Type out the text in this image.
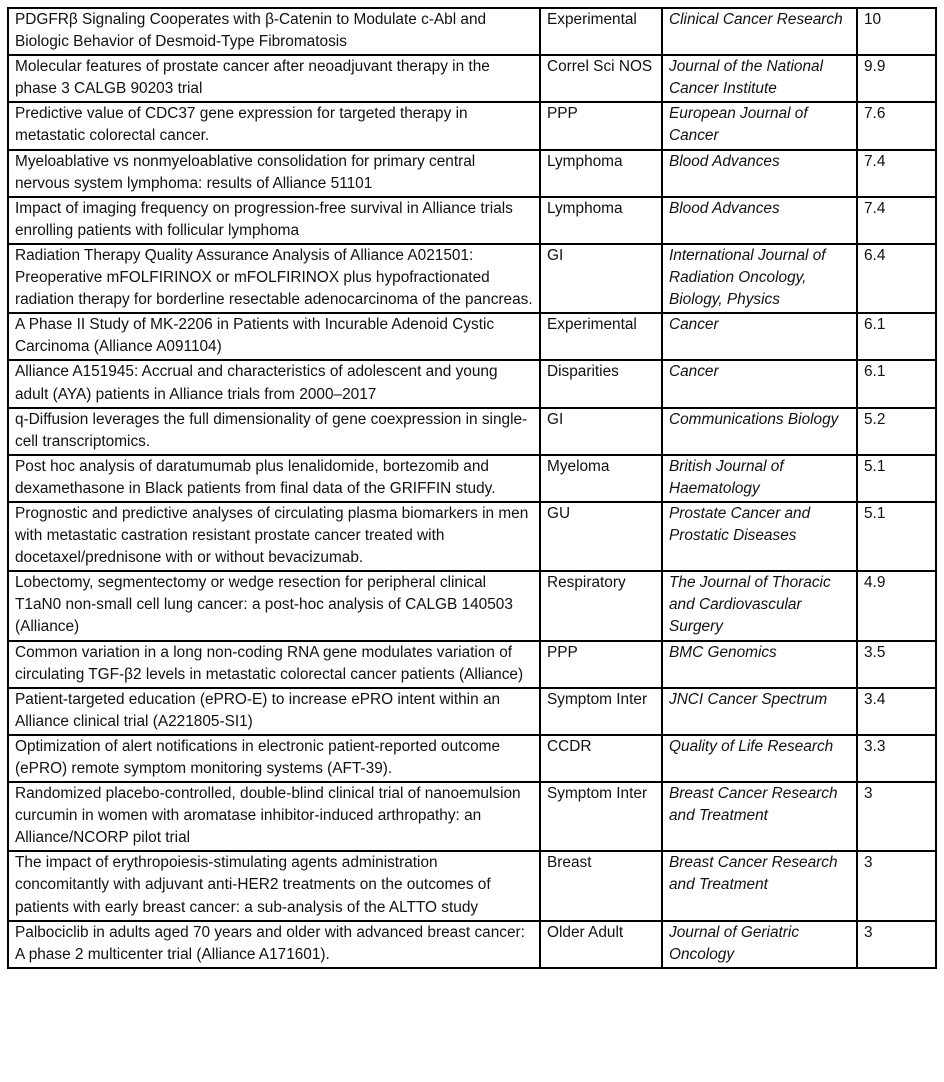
PDGFRβ Signaling Cooperates with β-Catenin to Modulate c-Abl and Biologic Behavior of Desmoid-Type Fibromatosis	Experimental	Clinical Cancer Research	10
Molecular features of prostate cancer after neoadjuvant therapy in the phase 3 CALGB 90203 trial	Correl Sci NOS	Journal of the National Cancer Institute	9.9
Predictive value of CDC37 gene expression for targeted therapy in metastatic colorectal cancer.	PPP	European Journal of Cancer	7.6
Myeloablative vs nonmyeloablative consolidation for primary central nervous system lymphoma: results of Alliance 51101	Lymphoma	Blood Advances	7.4
Impact of imaging frequency on progression-free survival in Alliance trials enrolling patients with follicular lymphoma	Lymphoma	Blood Advances	7.4
Radiation Therapy Quality Assurance Analysis of Alliance A021501: Preoperative mFOLFIRINOX or mFOLFIRINOX plus hypofractionated radiation therapy for borderline resectable adenocarcinoma of the pancreas.	GI	International Journal of Radiation Oncology, Biology, Physics	6.4
A Phase II Study of MK-2206 in Patients with Incurable Adenoid Cystic Carcinoma (Alliance A091104)	Experimental	Cancer	6.1
Alliance A151945: Accrual and characteristics of adolescent and young adult (AYA) patients in Alliance trials from 2000–2017	Disparities	Cancer	6.1
q-Diffusion leverages the full dimensionality of gene coexpression in single-cell transcriptomics.	GI	Communications Biology	5.2
Post hoc analysis of daratumumab plus lenalidomide, bortezomib and dexamethasone in Black patients from final data of the GRIFFIN study.	Myeloma	British Journal of Haematology	5.1
Prognostic and predictive analyses of circulating plasma biomarkers in men with metastatic castration resistant prostate cancer treated with docetaxel/prednisone with or without bevacizumab.	GU	Prostate Cancer and Prostatic Diseases	5.1
Lobectomy, segmentectomy or wedge resection for peripheral clinical T1aN0 non-small cell lung cancer: a post-hoc analysis of CALGB 140503 (Alliance)	Respiratory	The Journal of Thoracic and Cardiovascular Surgery	4.9
Common variation in a long non-coding RNA gene modulates variation of circulating TGF-β2 levels in metastatic colorectal cancer patients (Alliance)	PPP	BMC Genomics	3.5
Patient-targeted education (ePRO-E) to increase ePRO intent within an Alliance clinical trial (A221805-SI1)	Symptom Inter	JNCI Cancer Spectrum	3.4
Optimization of alert notifications in electronic patient-reported outcome (ePRO) remote symptom monitoring systems (AFT-39).	CCDR	Quality of Life Research	3.3
Randomized placebo-controlled, double-blind clinical trial of nanoemulsion curcumin in women with aromatase inhibitor-induced arthropathy: an Alliance/NCORP pilot trial	Symptom Inter	Breast Cancer Research and Treatment	3
The impact of erythropoiesis-stimulating agents administration concomitantly with adjuvant anti-HER2 treatments on the outcomes of patients with early breast cancer: a sub-analysis of the ALTTO study	Breast	Breast Cancer Research and Treatment	3
Palbociclib in adults aged 70 years and older with advanced breast cancer: A phase 2 multicenter trial (Alliance A171601).	Older Adult	Journal of Geriatric Oncology	3
